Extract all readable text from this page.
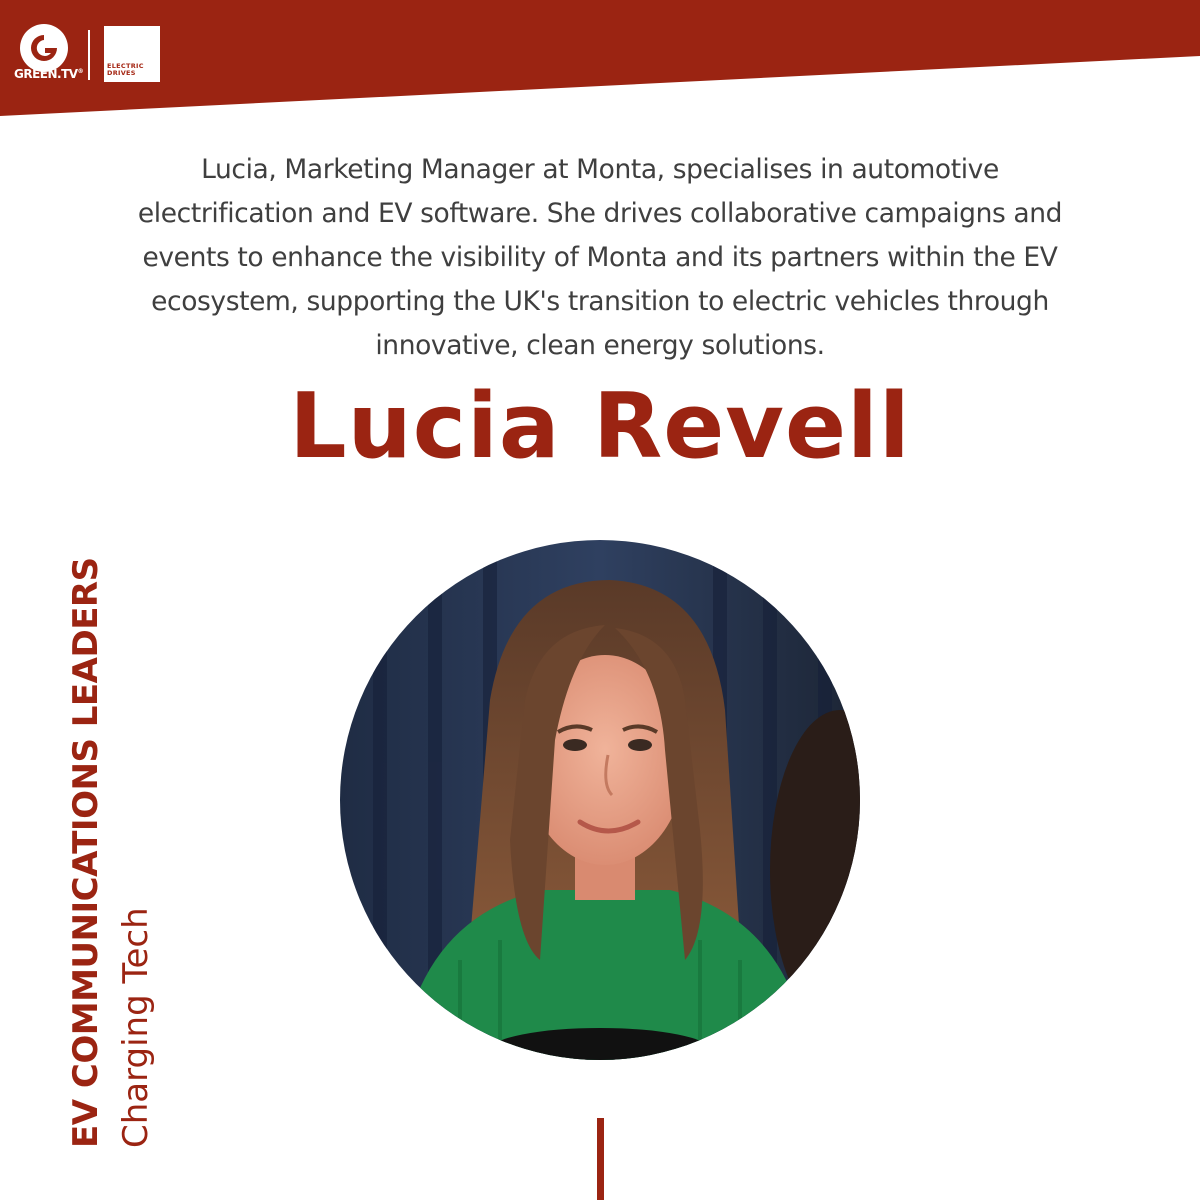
GREEN.TV®
ELECTRIC
DRIVES
Lucia, Marketing Manager at Monta, specialises in automotive
electrification and EV software. She drives collaborative campaigns and
events to enhance the visibility of Monta and its partners within the EV
ecosystem, supporting the UK's transition to electric vehicles through
innovative, clean energy solutions.
Lucia Revell
EV COMMUNICATIONS LEADERS Charging Tech
